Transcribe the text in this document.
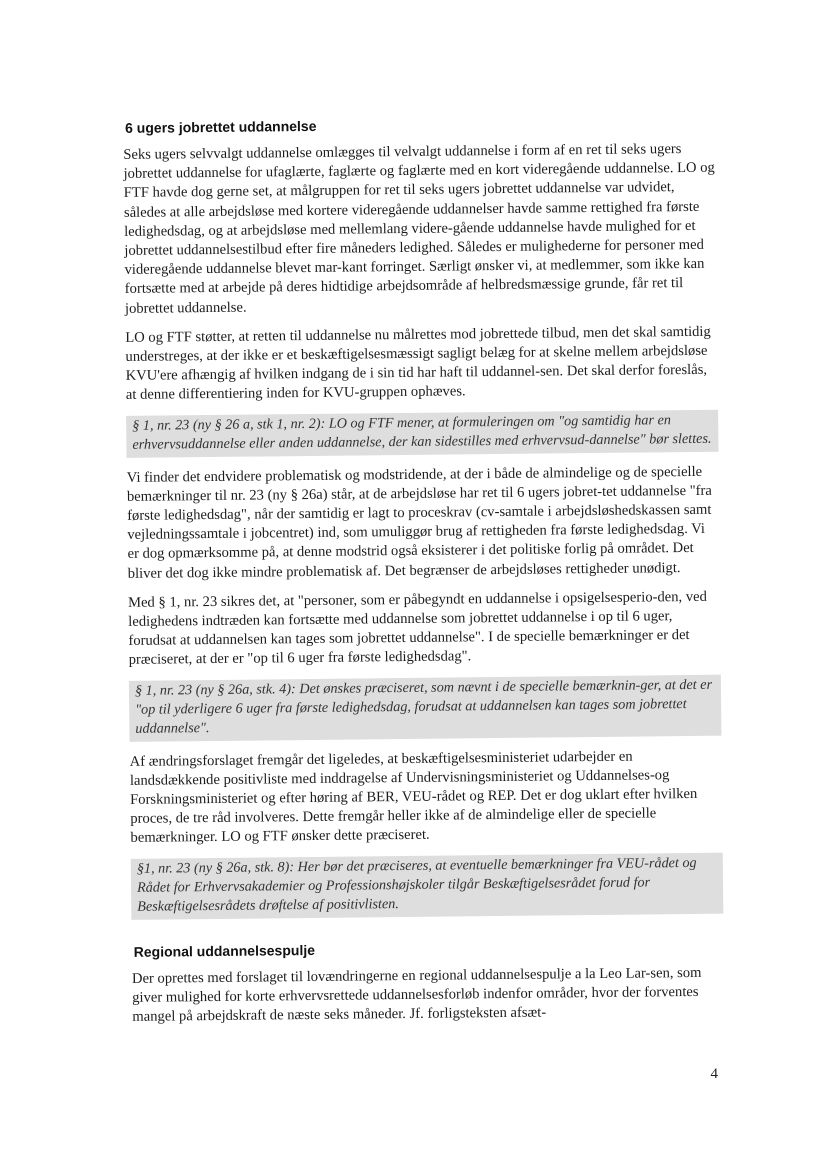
6 ugers jobrettet uddannelse

Seks ugers selvvalgt uddannelse omlægges til velvalgt uddannelse i form af en ret til seks ugers jobrettet uddannelse for ufaglærte, faglærte og faglærte med en kort videregående uddannelse. LO og FTF havde dog gerne set, at målgruppen for ret til seks ugers jobrettet uddannelse var udvidet, således at alle arbejdsløse med kortere videregående uddannelser havde samme rettighed fra første ledighedsdag, og at arbejdsløse med mellemlang videre-gående uddannelse havde mulighed for et jobrettet uddannelsestilbud efter fire måneders ledighed. Således er mulighederne for personer med videregående uddannelse blevet mar-kant forringet. Særligt ønsker vi, at medlemmer, som ikke kan fortsætte med at arbejde på deres hidtidige arbejdsområde af helbredsmæssige grunde, får ret til jobrettet uddannelse.

LO og FTF støtter, at retten til uddannelse nu målrettes mod jobrettede tilbud, men det skal samtidig understreges, at der ikke er et beskæftigelsesmæssigt sagligt belæg for at skelne mellem arbejdsløse KVU'ere afhængig af hvilken indgang de i sin tid har haft til uddannel-sen. Det skal derfor foreslås, at denne differentiering inden for KVU-gruppen ophæves.

§ 1, nr. 23 (ny § 26 a, stk 1, nr. 2): LO og FTF mener, at formuleringen om "og samtidig har en erhvervsuddannelse eller anden uddannelse, der kan sidestilles med erhvervsud-dannelse" bør slettes.

Vi finder det endvidere problematisk og modstridende, at der i både de almindelige og de specielle bemærkninger til nr. 23 (ny § 26a) står, at de arbejdsløse har ret til 6 ugers jobret-tet uddannelse "fra første ledighedsdag", når der samtidig er lagt to proceskrav (cv-samtale i arbejdsløshedskassen samt vejledningssamtale i jobcentret) ind, som umuliggør brug af rettigheden fra første ledighedsdag. Vi er dog opmærksomme på, at denne modstrid også eksisterer i det politiske forlig på området. Det bliver det dog ikke mindre problematisk af. Det begrænser de arbejdsløses rettigheder unødigt.

Med § 1, nr. 23 sikres det, at "personer, som er påbegyndt en uddannelse i opsigelsesperio-den, ved ledighedens indtræden kan fortsætte med uddannelse som jobrettet uddannelse i op til 6 uger, forudsat at uddannelsen kan tages som jobrettet uddannelse". I de specielle bemærkninger er det præciseret, at der er "op til 6 uger fra første ledighedsdag".

§ 1, nr. 23 (ny § 26a, stk. 4): Det ønskes præciseret, som nævnt i de specielle bemærknin-ger, at det er "op til yderligere 6 uger fra første ledighedsdag, forudsat at uddannelsen kan tages som jobrettet uddannelse".

Af ændringsforslaget fremgår det ligeledes, at beskæftigelsesministeriet udarbejder en landsdækkende positivliste med inddragelse af Undervisningsministeriet og Uddannelses-og Forskningsministeriet og efter høring af BER, VEU-rådet og REP. Det er dog uklart efter hvilken proces, de tre råd involveres. Dette fremgår heller ikke af de almindelige eller de specielle bemærkninger. LO og FTF ønsker dette præciseret.

§1, nr. 23 (ny § 26a, stk. 8): Her bør det præciseres, at eventuelle bemærkninger fra VEU-rådet og Rådet for Erhvervsakademier og Professionshøjskoler tilgår Beskæftigelsesrådet forud for Beskæftigelsesrådets drøftelse af positivlisten.
Regional uddannelsespulje

Der oprettes med forslaget til lovændringerne en regional uddannelsespulje a la Leo Lar-sen, som giver mulighed for korte erhvervsrettede uddannelsesforløb indenfor områder, hvor der forventes mangel på arbejdskraft de næste seks måneder. Jf. forligsteksten afsæt-

4
